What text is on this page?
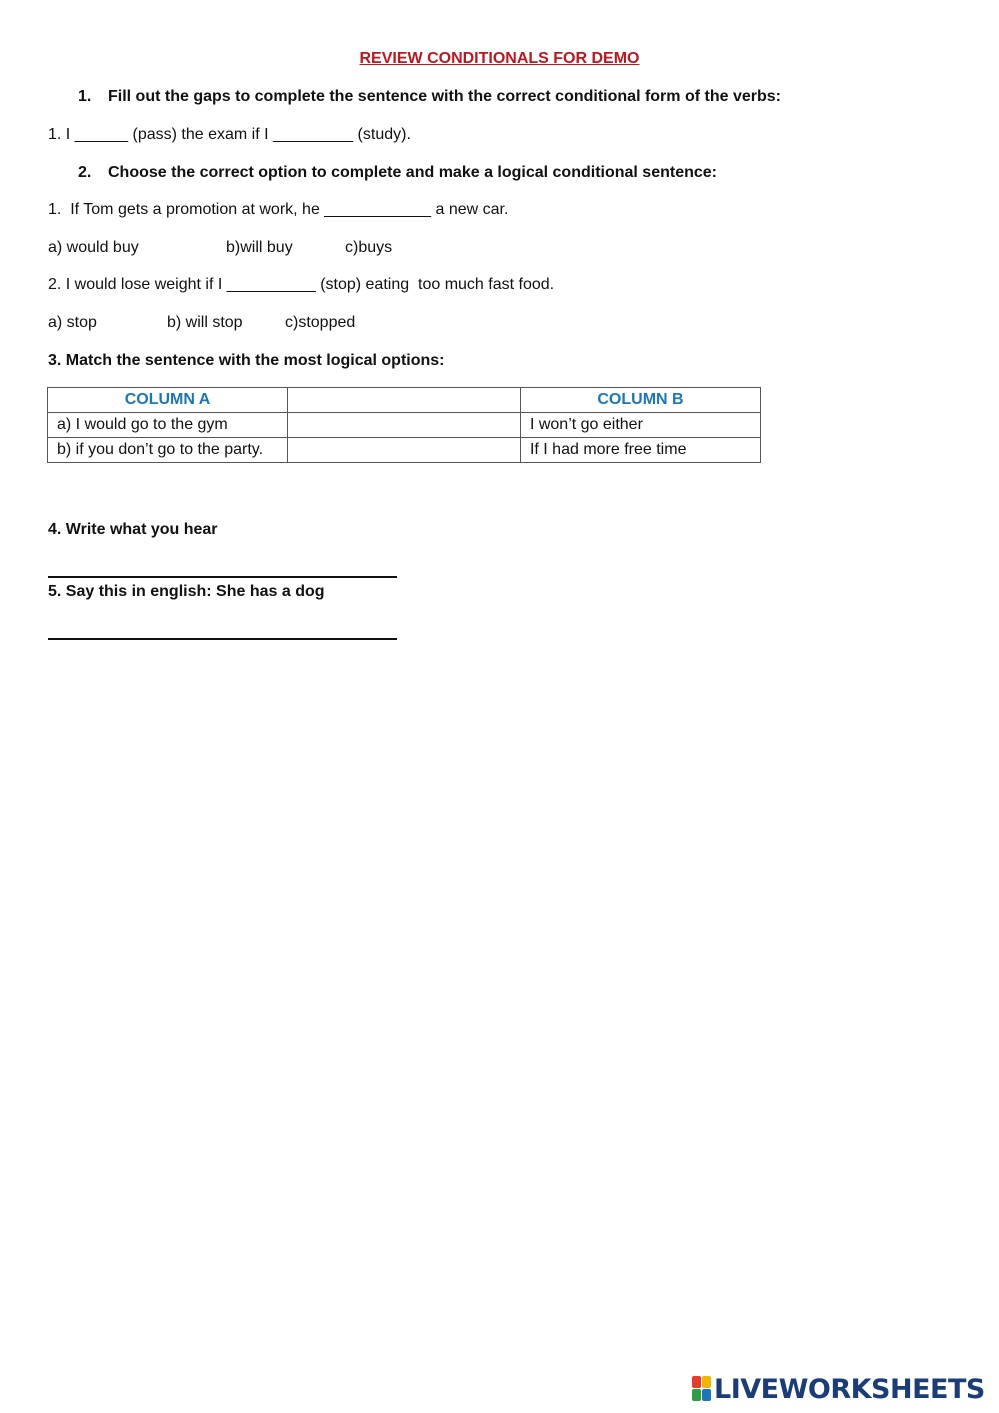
REVIEW CONDITIONALS FOR DEMO
1. Fill out the gaps to complete the sentence with the correct conditional form of the verbs:
1. I ______ (pass) the exam if I _________ (study).
2. Choose the correct option to complete and make a logical conditional sentence:
1.  If Tom gets a promotion at work, he ____________ a new car.
a) would buy	b)will buy	c)buys
2. I would lose weight if I __________ (stop) eating  too much fast food.
a) stop	b) will stop	c)stopped
3. Match the sentence with the most logical options:
COLUMN A		COLUMN B
a) I would go to the gym		I won’t go either
b) if you don’t go to the party.		If I had more free time
4. Write what you hear
5. Say this in english: She has a dog
LIVEWORKSHEETS
